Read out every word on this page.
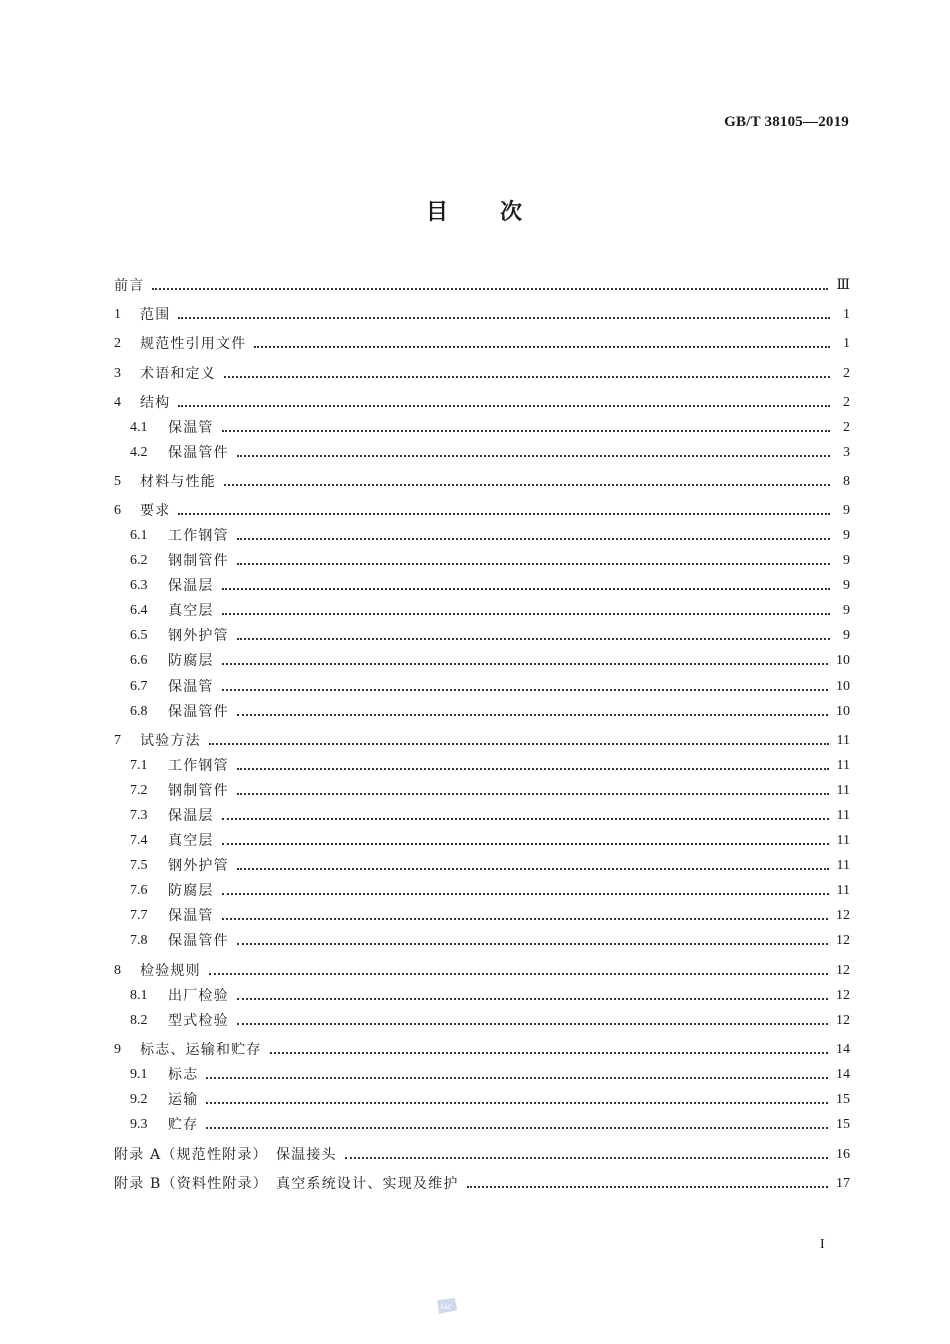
GB/T 38105—2019
目 次
前言	Ⅲ
1	范围	1
2	规范性引用文件	1
3	术语和定义	2
4	结构	2
4.1	保温管	2
4.2	保温管件	3
5	材料与性能	8
6	要求	9
6.1	工作钢管	9
6.2	钢制管件	9
6.3	保温层	9
6.4	真空层	9
6.5	钢外护管	9
6.6	防腐层	10
6.7	保温管	10
6.8	保温管件	10
7	试验方法	11
7.1	工作钢管	11
7.2	钢制管件	11
7.3	保温层	11
7.4	真空层	11
7.5	钢外护管	11
7.6	防腐层	11
7.7	保温管	12
7.8	保温管件	12
8	检验规则	12
8.1	出厂检验	12
8.2	型式检验	12
9	标志、运输和贮存	14
9.1	标志	14
9.2	运输	15
9.3	贮存	15
附录 A（规范性附录）　保温接头	16
附录 B（资料性附录）　真空系统设计、实现及维护	17
I
SAC
